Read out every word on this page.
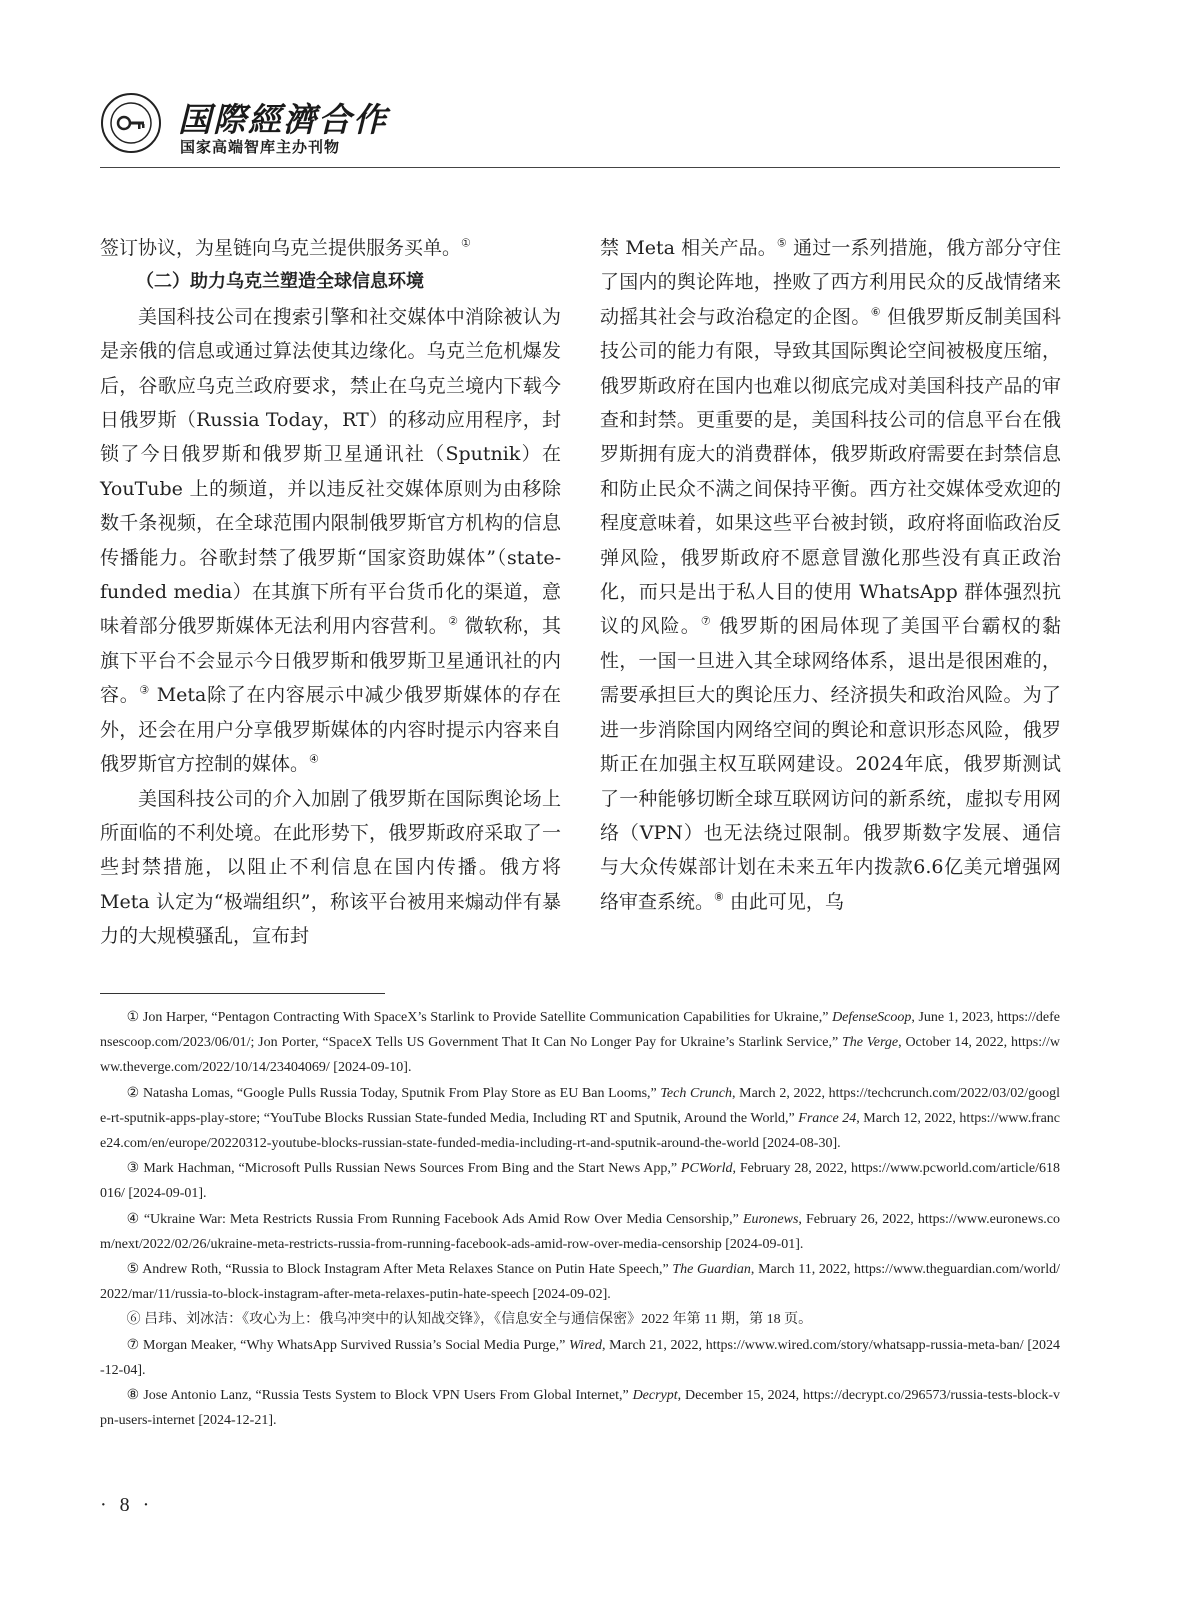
国際經濟合作
国家高端智库主办刊物

签订协议，为星链向乌克兰提供服务买单。①

（二）助力乌克兰塑造全球信息环境

美国科技公司在搜索引擎和社交媒体中消除被认为是亲俄的信息或通过算法使其边缘化。乌克兰危机爆发后，谷歌应乌克兰政府要求，禁止在乌克兰境内下载今日俄罗斯（Russia Today，RT）的移动应用程序，封锁了今日俄罗斯和俄罗斯卫星通讯社（Sputnik）在 YouTube 上的频道，并以违反社交媒体原则为由移除数千条视频，在全球范围内限制俄罗斯官方机构的信息传播能力。谷歌封禁了俄罗斯“国家资助媒体”（state-funded media）在其旗下所有平台货币化的渠道，意味着部分俄罗斯媒体无法利用内容营利。② 微软称，其旗下平台不会显示今日俄罗斯和俄罗斯卫星通讯社的内容。③ Meta除了在内容展示中减少俄罗斯媒体的存在外，还会在用户分享俄罗斯媒体的内容时提示内容来自俄罗斯官方控制的媒体。④

美国科技公司的介入加剧了俄罗斯在国际舆论场上所面临的不利处境。在此形势下，俄罗斯政府采取了一些封禁措施，以阻止不利信息在国内传播。俄方将 Meta 认定为“极端组织”，称该平台被用来煽动伴有暴力的大规模骚乱，宣布封

禁 Meta 相关产品。⑤ 通过一系列措施，俄方部分守住了国内的舆论阵地，挫败了西方利用民众的反战情绪来动摇其社会与政治稳定的企图。⑥ 但俄罗斯反制美国科技公司的能力有限，导致其国际舆论空间被极度压缩，俄罗斯政府在国内也难以彻底完成对美国科技产品的审查和封禁。更重要的是，美国科技公司的信息平台在俄罗斯拥有庞大的消费群体，俄罗斯政府需要在封禁信息和防止民众不满之间保持平衡。西方社交媒体受欢迎的程度意味着，如果这些平台被封锁，政府将面临政治反弹风险，俄罗斯政府不愿意冒激化那些没有真正政治化，而只是出于私人目的使用 WhatsApp 群体强烈抗议的风险。⑦ 俄罗斯的困局体现了美国平台霸权的黏性，一国一旦进入其全球网络体系，退出是很困难的，需要承担巨大的舆论压力、经济损失和政治风险。为了进一步消除国内网络空间的舆论和意识形态风险，俄罗斯正在加强主权互联网建设。2024年底，俄罗斯测试了一种能够切断全球互联网访问的新系统，虚拟专用网络（VPN）也无法绕过限制。俄罗斯数字发展、通信与大众传媒部计划在未来五年内拨款6.6亿美元增强网络审查系统。⑧ 由此可见，乌

① Jon Harper, “Pentagon Contracting With SpaceX’s Starlink to Provide Satellite Communication Capabilities for Ukraine,” DefenseScoop, June 1, 2023, https://defensescoop.com/2023/06/01/; Jon Porter, “SpaceX Tells US Government That It Can No Longer Pay for Ukraine’s Starlink Service,” The Verge, October 14, 2022, https://www.theverge.com/2022/10/14/23404069/ [2024-09-10].

② Natasha Lomas, “Google Pulls Russia Today, Sputnik From Play Store as EU Ban Looms,” Tech Crunch, March 2, 2022, https://techcrunch.com/2022/03/02/google-rt-sputnik-apps-play-store; “YouTube Blocks Russian State-funded Media, Including RT and Sputnik, Around the World,” France 24, March 12, 2022, https://www.france24.com/en/europe/20220312-youtube-blocks-russian-state-funded-media-including-rt-and-sputnik-around-the-world [2024-08-30].

③ Mark Hachman, “Microsoft Pulls Russian News Sources From Bing and the Start News App,” PCWorld, February 28, 2022, https://www.pcworld.com/article/618016/ [2024-09-01].

④ “Ukraine War: Meta Restricts Russia From Running Facebook Ads Amid Row Over Media Censorship,” Euronews, February 26, 2022, https://www.euronews.com/next/2022/02/26/ukraine-meta-restricts-russia-from-running-facebook-ads-amid-row-over-media-censorship [2024-09-01].

⑤ Andrew Roth, “Russia to Block Instagram After Meta Relaxes Stance on Putin Hate Speech,” The Guardian, March 11, 2022, https://www.theguardian.com/world/2022/mar/11/russia-to-block-instagram-after-meta-relaxes-putin-hate-speech [2024-09-02].

⑥ 吕玮、刘冰洁：《攻心为上：俄乌冲突中的认知战交锋》，《信息安全与通信保密》2022 年第 11 期，第 18 页。

⑦ Morgan Meaker, “Why WhatsApp Survived Russia’s Social Media Purge,” Wired, March 21, 2022, https://www.wired.com/story/whatsapp-russia-meta-ban/ [2024-12-04].

⑧ Jose Antonio Lanz, “Russia Tests System to Block VPN Users From Global Internet,” Decrypt, December 15, 2024, https://decrypt.co/296573/russia-tests-block-vpn-users-internet [2024-12-21].

· 8 ·
